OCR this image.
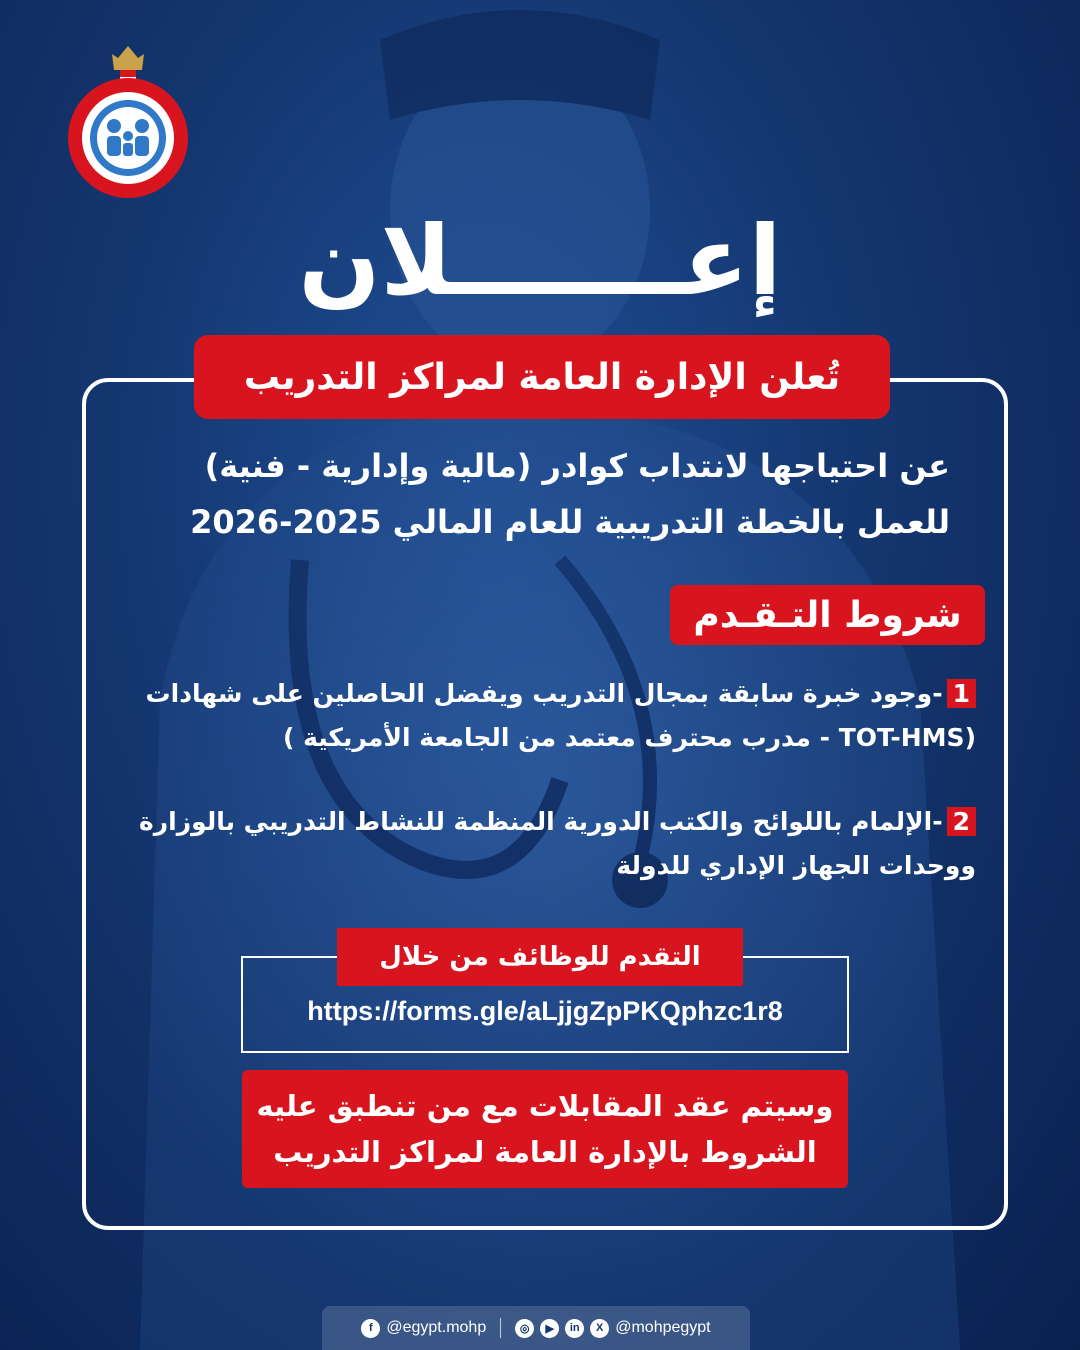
إعـــــــلان
تُعلن الإدارة العامة لمراكز التدريب
عن احتياجها لانتداب كوادر (مالية وإدارية - فنية)
للعمل بالخطة التدريبية للعام المالي 2025-2026
شروط التـقـدم
1-وجود خبرة سابقة بمجال التدريب ويفضل الحاصلين على شهادات
(TOT-HMS - مدرب محترف معتمد من الجامعة الأمريكية )
2-الإلمام باللوائح والكتب الدورية المنظمة للنشاط التدريبي بالوزارة
ووحدات الجهاز الإداري للدولة
التقدم للوظائف من خلال
https://forms.gle/aLjjgZpPKQphzc1r8
وسيتم عقد المقابلات مع من تنطبق عليه
الشروط بالإدارة العامة لمراكز التدريب
f @egypt.mohp	◎	▶	in	X @mohpegypt
